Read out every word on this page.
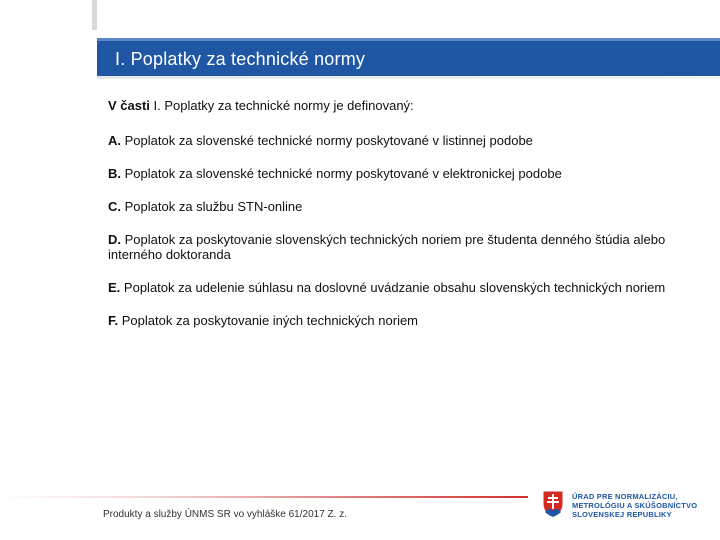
I. Poplatky za technické normy

V časti I. Poplatky za technické normy je definovaný:

A. Poplatok za slovenské technické normy poskytované v listinnej podobe

B. Poplatok za slovenské technické normy poskytované v elektronickej podobe

C. Poplatok za službu STN-online

D. Poplatok za poskytovanie slovenských technických noriem pre študenta denného štúdia alebo interného doktoranda

E. Poplatok za udelenie súhlasu na doslovné uvádzanie obsahu slovenských technických noriem

F. Poplatok za poskytovanie iných technických noriem

Produkty a služby ÚNMS SR vo vyhláške 61/2017 Z. z.
ÚRAD PRE NORMALIZÁCIU,
METROLÓGIU A SKÚŠOBNÍCTVO
SLOVENSKEJ REPUBLIKY
